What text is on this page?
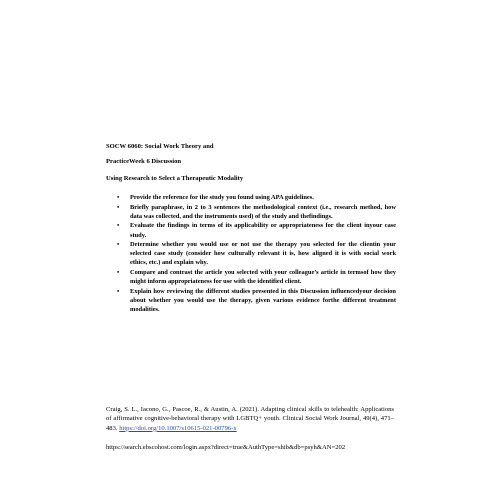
SOCW 6060: Social Work Theory and
PracticeWeek 6 Discussion
Using Research to Select a Therapeutic Modality
• Provide the reference for the study you found using APA guidelines.
• Briefly paraphrase, in 2 to 3 sentences the methodological context (i.e., research method, how data was collected, and the instruments used) of the study and thefindings.
• Evaluate the findings in terms of its applicability or appropriateness for the client inyour case study.
• Determine whether you would use or not use the therapy you selected for the clientin your selected case study (consider how culturally relevant it is, how aligned it is with social work ethics, etc.) and explain why.
• Compare and contrast the article you selected with your colleague’s article in termsof how they might inform appropriateness for use with the identified client.
• Explain how reviewing the different studies presented in this Discussion influencedyour decision about whether you would use the therapy, given various evidence forthe different treatment modalities.
Craig, S. L., Iacono, G., Pascoe, R., & Austin, A. (2021). Adapting clinical skills to telehealth: Applications of affirmative cognitive-behavioral therapy with LGBTQ+ youth. Clinical Social Work Journal, 49(4), 471–483. https://doi.org/10.1007/s10615-021-00796-x
https://search.ebscohost.com/login.aspx?direct=true&AuthType=shib&db=psyh&AN=202
